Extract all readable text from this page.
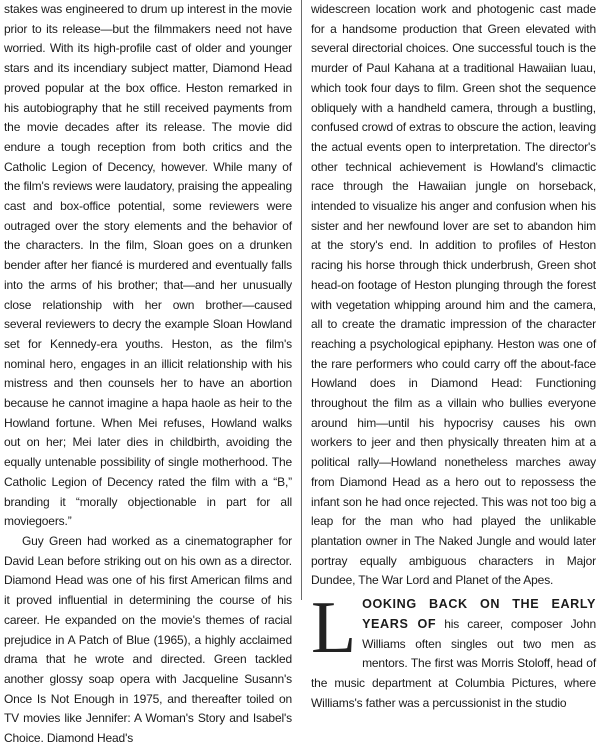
stakes was engineered to drum up interest in the movie prior to its release—but the filmmakers need not have worried. With its high-profile cast of older and younger stars and its incendiary subject matter, Diamond Head proved popular at the box office. Heston remarked in his autobiography that he still received payments from the movie decades after its release. The movie did endure a tough reception from both critics and the Catholic Legion of Decency, however. While many of the film's reviews were laudatory, praising the appealing cast and box-office potential, some reviewers were outraged over the story elements and the behavior of the characters. In the film, Sloan goes on a drunken bender after her fiancé is murdered and eventually falls into the arms of his brother; that—and her unusually close relationship with her own brother—caused several reviewers to decry the example Sloan Howland set for Kennedy-era youths. Heston, as the film's nominal hero, engages in an illicit relationship with his mistress and then counsels her to have an abortion because he cannot imagine a hapa haole as heir to the Howland fortune. When Mei refuses, Howland walks out on her; Mei later dies in childbirth, avoiding the equally untenable possibility of single motherhood. The Catholic Legion of Decency rated the film with a “B,” branding it “morally objectionable in part for all moviegoers.”

Guy Green had worked as a cinematographer for David Lean before striking out on his own as a director. Diamond Head was one of his first American films and it proved influential in determining the course of his career. He expanded on the movie's themes of racial prejudice in A Patch of Blue (1965), a highly acclaimed drama that he wrote and directed. Green tackled another glossy soap opera with Jacqueline Susann's Once Is Not Enough in 1975, and thereafter toiled on TV movies like Jennifer: A Woman's Story and Isabel's Choice. Diamond Head's

widescreen location work and photogenic cast made for a handsome production that Green elevated with several directorial choices. One successful touch is the murder of Paul Kahana at a traditional Hawaiian luau, which took four days to film. Green shot the sequence obliquely with a handheld camera, through a bustling, confused crowd of extras to obscure the action, leaving the actual events open to interpretation. The director's other technical achievement is Howland's climactic race through the Hawaiian jungle on horseback, intended to visualize his anger and confusion when his sister and her newfound lover are set to abandon him at the story's end. In addition to profiles of Heston racing his horse through thick underbrush, Green shot head-on footage of Heston plunging through the forest with vegetation whipping around him and the camera, all to create the dramatic impression of the character reaching a psychological epiphany. Heston was one of the rare performers who could carry off the about-face Howland does in Diamond Head: Functioning throughout the film as a villain who bullies everyone around him—until his hypocrisy causes his own workers to jeer and then physically threaten him at a political rally—Howland nonetheless marches away from Diamond Head as a hero out to repossess the infant son he had once rejected. This was not too big a leap for the man who had played the unlikable plantation owner in The Naked Jungle and would later portray equally ambiguous characters in Major Dundee, The War Lord and Planet of the Apes.

L OOKING BACK ON THE EARLY YEARS OF his career, composer John Williams often singles out two men as mentors. The first was Morris Stoloff, head of the music department at Columbia Pictures, where Williams's father was a percussionist in the studio
